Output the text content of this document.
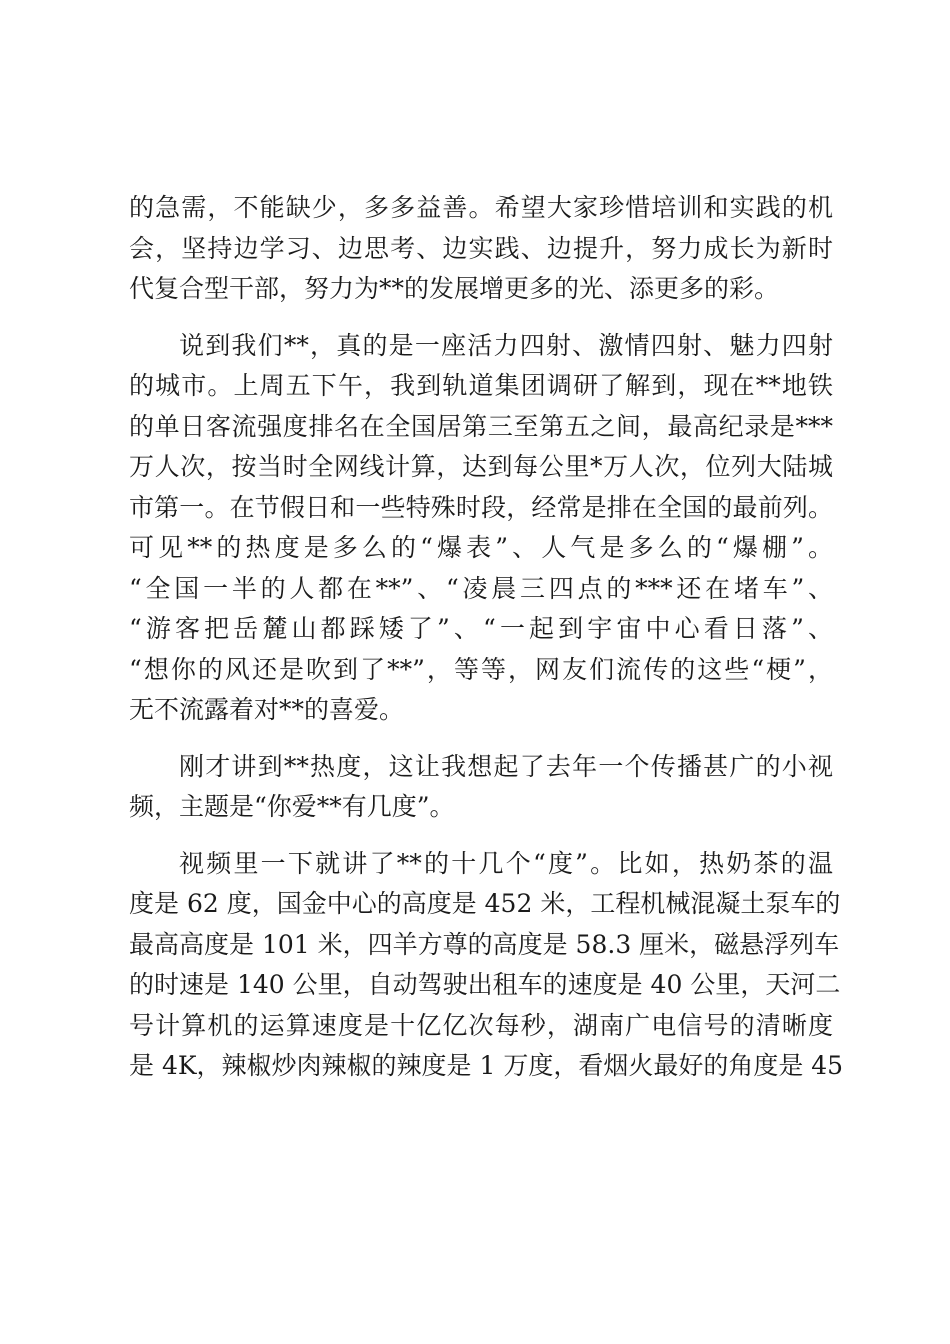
的急需，不能缺少，多多益善。希望大家珍惜培训和实践的机
会，坚持边学习、边思考、边实践、边提升，努力成长为新时
代复合型干部，努力为**的发展增更多的光、添更多的彩。
说到我们**，真的是一座活力四射、激情四射、魅力四射
的城市。上周五下午，我到轨道集团调研了解到，现在**地铁
的单日客流强度排名在全国居第三至第五之间，最高纪录是***
万人次，按当时全网线计算，达到每公里*万人次，位列大陆城
市第一。在节假日和一些特殊时段，经常是排在全国的最前列。
可见**的热度是多么的“爆表”、人气是多么的“爆棚”。
“全国一半的人都在**”、“凌晨三四点的***还在堵车”、
“游客把岳麓山都踩矮了”、“一起到宇宙中心看日落”、
“想你的风还是吹到了**”，等等，网友们流传的这些“梗”，
无不流露着对**的喜爱。
刚才讲到**热度，这让我想起了去年一个传播甚广的小视
频，主题是“你爱**有几度”。
视频里一下就讲了**的十几个“度”。比如，热奶茶的温
度是 62 度，国金中心的高度是 452 米，工程机械混凝土泵车的
最高高度是 101 米，四羊方尊的高度是 58.3 厘米，磁悬浮列车
的时速是 140 公里，自动驾驶出租车的速度是 40 公里，天河二
号计算机的运算速度是十亿亿次每秒，湖南广电信号的清晰度
是 4K，辣椒炒肉辣椒的辣度是 1 万度，看烟火最好的角度是 45
